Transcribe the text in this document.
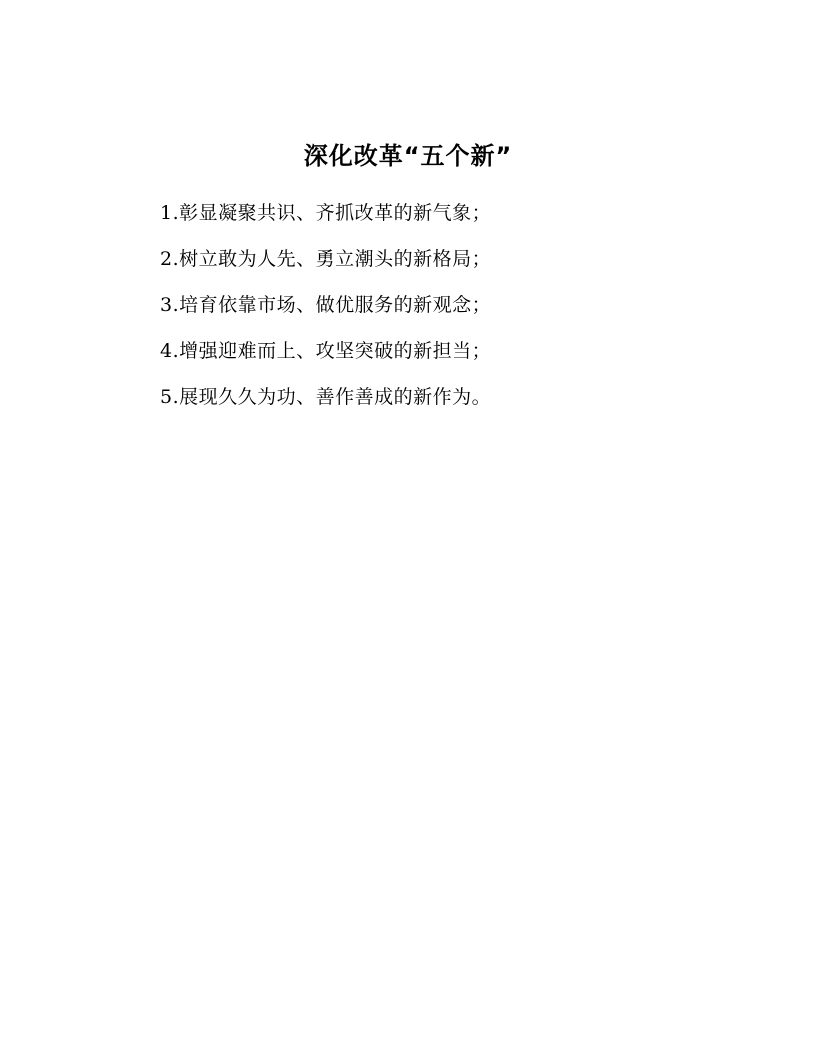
深化改革“五个新”
1.彰显凝聚共识、齐抓改革的新气象；
2.树立敢为人先、勇立潮头的新格局；
3.培育依靠市场、做优服务的新观念；
4.增强迎难而上、攻坚突破的新担当；
5.展现久久为功、善作善成的新作为。
